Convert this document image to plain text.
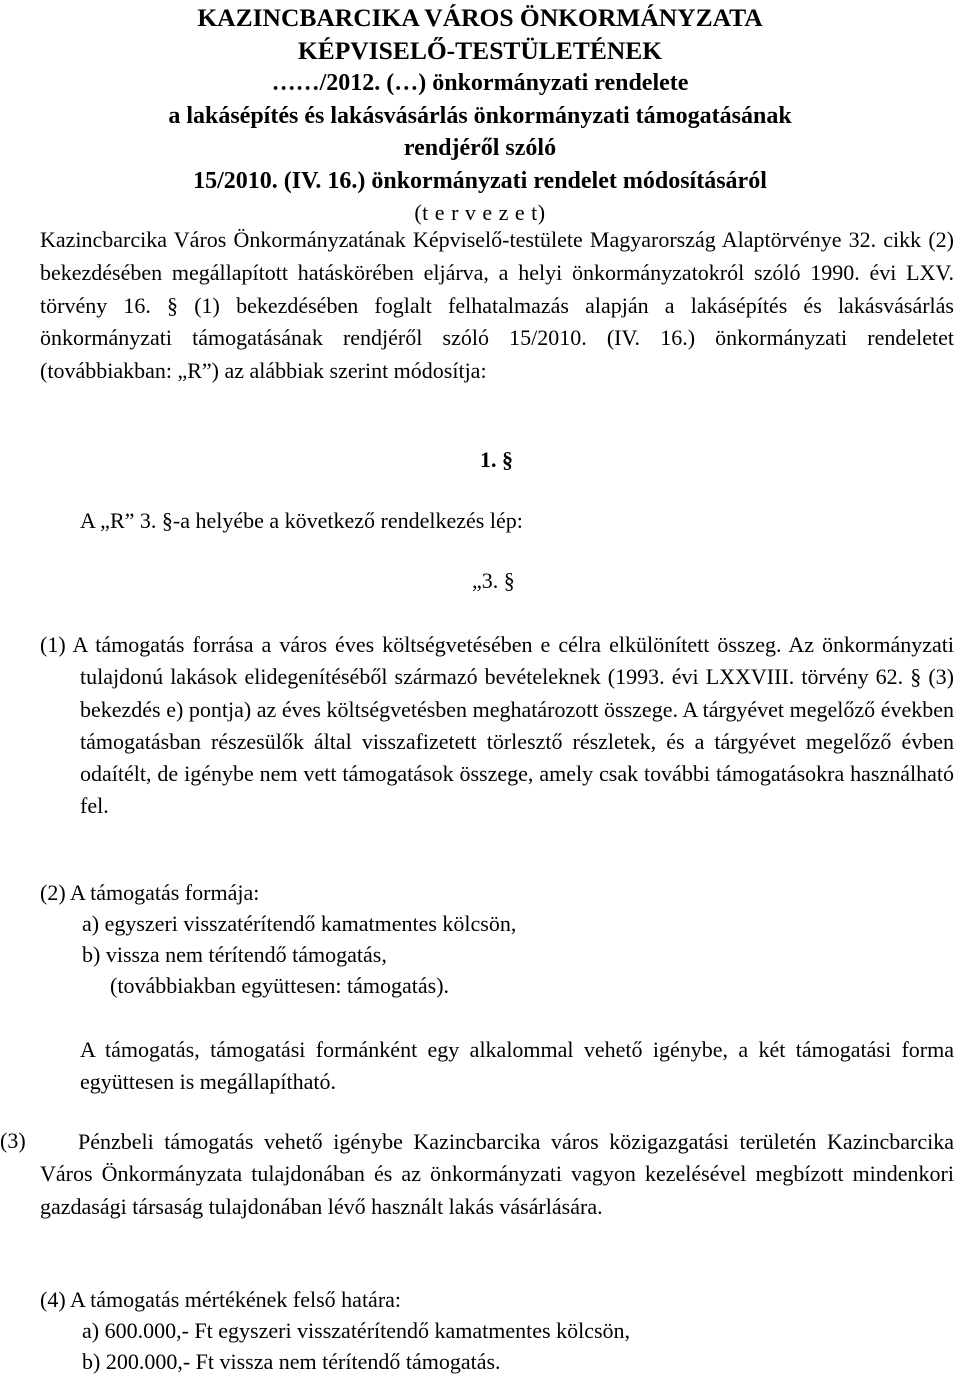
KAZINCBARCIKA VÁROS ÖNKORMÁNYZATA
KÉPVISELŐ-TESTÜLETÉNEK
……/2012. (…) önkormányzati rendelete
a lakásépítés és lakásvásárlás önkormányzati támogatásának rendjéről szóló
15/2010. (IV. 16.) önkormányzati rendelet módosításáról
(t e r v e z e t)
Kazincbarcika Város Önkormányzatának Képviselő-testülete Magyarország Alaptörvénye 32. cikk (2) bekezdésében megállapított hatáskörében eljárva, a helyi önkormányzatokról szóló 1990. évi LXV. törvény 16. § (1) bekezdésében foglalt felhatalmazás alapján a lakásépítés és lakásvásárlás önkormányzati támogatásának rendjéről szóló 15/2010. (IV. 16.) önkormányzati rendeletet (továbbiakban: „R”) az alábbiak szerint módosítja:
1. §
A „R” 3. §-a helyébe a következő rendelkezés lép:
„3. §
(1) A támogatás forrása a város éves költségvetésében e célra elkülönített összeg. Az önkormányzati tulajdonú lakások elidegenítéséből származó bevételeknek (1993. évi LXXVIII. törvény 62. § (3) bekezdés e) pontja) az éves költségvetésben meghatározott összege. A tárgyévet megelőző években támogatásban részesülők által visszafizetett törlesztő részletek, és a tárgyévet megelőző évben odaítélt, de igénybe nem vett támogatások összege, amely csak további támogatásokra használható fel.
(2) A támogatás formája:
a) egyszeri visszatérítendő kamatmentes kölcsön,
b) vissza nem térítendő támogatás,
(továbbiakban együttesen: támogatás).
A támogatás, támogatási formánként egy alkalommal vehető igénybe, a két támogatási forma együttesen is megállapítható.
(3)	Pénzbeli támogatás vehető igénybe Kazincbarcika város közigazgatási területén Kazincbarcika Város Önkormányzata tulajdonában és az önkormányzati vagyon kezelésével megbízott mindenkori gazdasági társaság tulajdonában lévő használt lakás vásárlására.
(4) A támogatás mértékének felső határa:
a) 600.000,- Ft egyszeri visszatérítendő kamatmentes kölcsön,
b) 200.000,- Ft vissza nem térítendő támogatás.
